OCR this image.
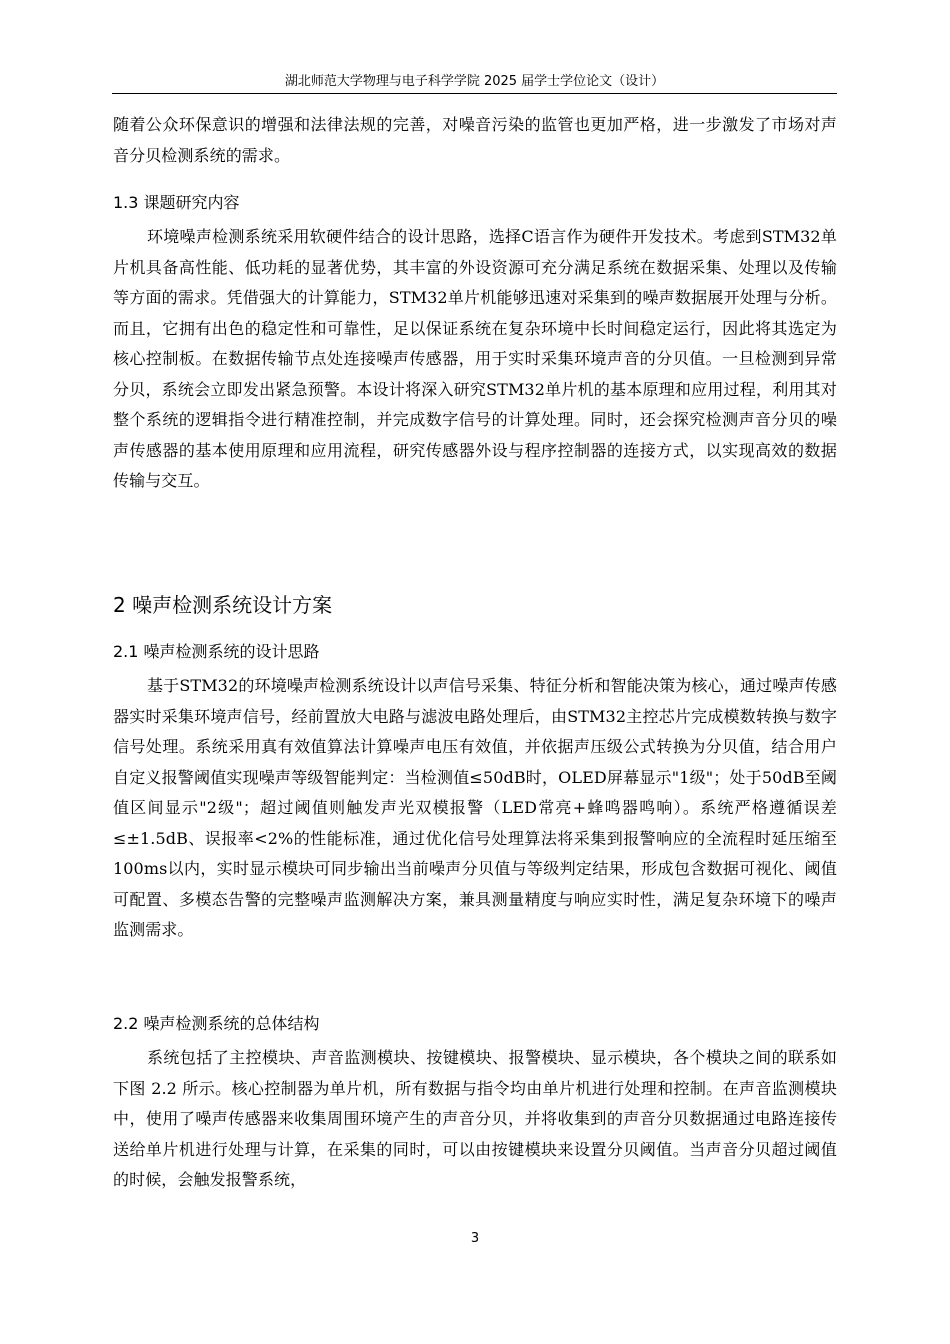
湖北师范大学物理与电子科学学院 2025 届学士学位论文（设计）

随着公众环保意识的增强和法律法规的完善，对噪音污染的监管也更加严格，进一步激发了市场对声音分贝检测系统的需求。

1.3 课题研究内容

环境噪声检测系统采用软硬件结合的设计思路，选择C语言作为硬件开发技术。考虑到STM32单片机具备高性能、低功耗的显著优势，其丰富的外设资源可充分满足系统在数据采集、处理以及传输等方面的需求。凭借强大的计算能力，STM32单片机能够迅速对采集到的噪声数据展开处理与分析。而且，它拥有出色的稳定性和可靠性，足以保证系统在复杂环境中长时间稳定运行，因此将其选定为核心控制板。在数据传输节点处连接噪声传感器，用于实时采集环境声音的分贝值。一旦检测到异常分贝，系统会立即发出紧急预警。本设计将深入研究STM32单片机的基本原理和应用过程，利用其对整个系统的逻辑指令进行精准控制，并完成数字信号的计算处理。同时，还会探究检测声音分贝的噪声传感器的基本使用原理和应用流程，研究传感器外设与程序控制器的连接方式，以实现高效的数据传输与交互。

2 噪声检测系统设计方案
2.1 噪声检测系统的设计思路

基于STM32的环境噪声检测系统设计以声信号采集、特征分析和智能决策为核心，通过噪声传感器实时采集环境声信号，经前置放大电路与滤波电路处理后，由STM32主控芯片完成模数转换与数字信号处理。系统采用真有效值算法计算噪声电压有效值，并依据声压级公式转换为分贝值，结合用户自定义报警阈值实现噪声等级智能判定：当检测值≤50dB时，OLED屏幕显示"1级"；处于50dB至阈值区间显示"2级"；超过阈值则触发声光双模报警（LED常亮+蜂鸣器鸣响）。系统严格遵循误差≤±1.5dB、误报率<2%的性能标准，通过优化信号处理算法将采集到报警响应的全流程时延压缩至100ms以内，实时显示模块可同步输出当前噪声分贝值与等级判定结果，形成包含数据可视化、阈值可配置、多模态告警的完整噪声监测解决方案，兼具测量精度与响应实时性，满足复杂环境下的噪声监测需求。

2.2 噪声检测系统的总体结构

系统包括了主控模块、声音监测模块、按键模块、报警模块、显示模块，各个模块之间的联系如下图 2.2 所示。核心控制器为单片机，所有数据与指令均由单片机进行处理和控制。在声音监测模块中，使用了噪声传感器来收集周围环境产生的声音分贝，并将收集到的声音分贝数据通过电路连接传送给单片机进行处理与计算，在采集的同时，可以由按键模块来设置分贝阈值。当声音分贝超过阈值的时候，会触发报警系统，

3
